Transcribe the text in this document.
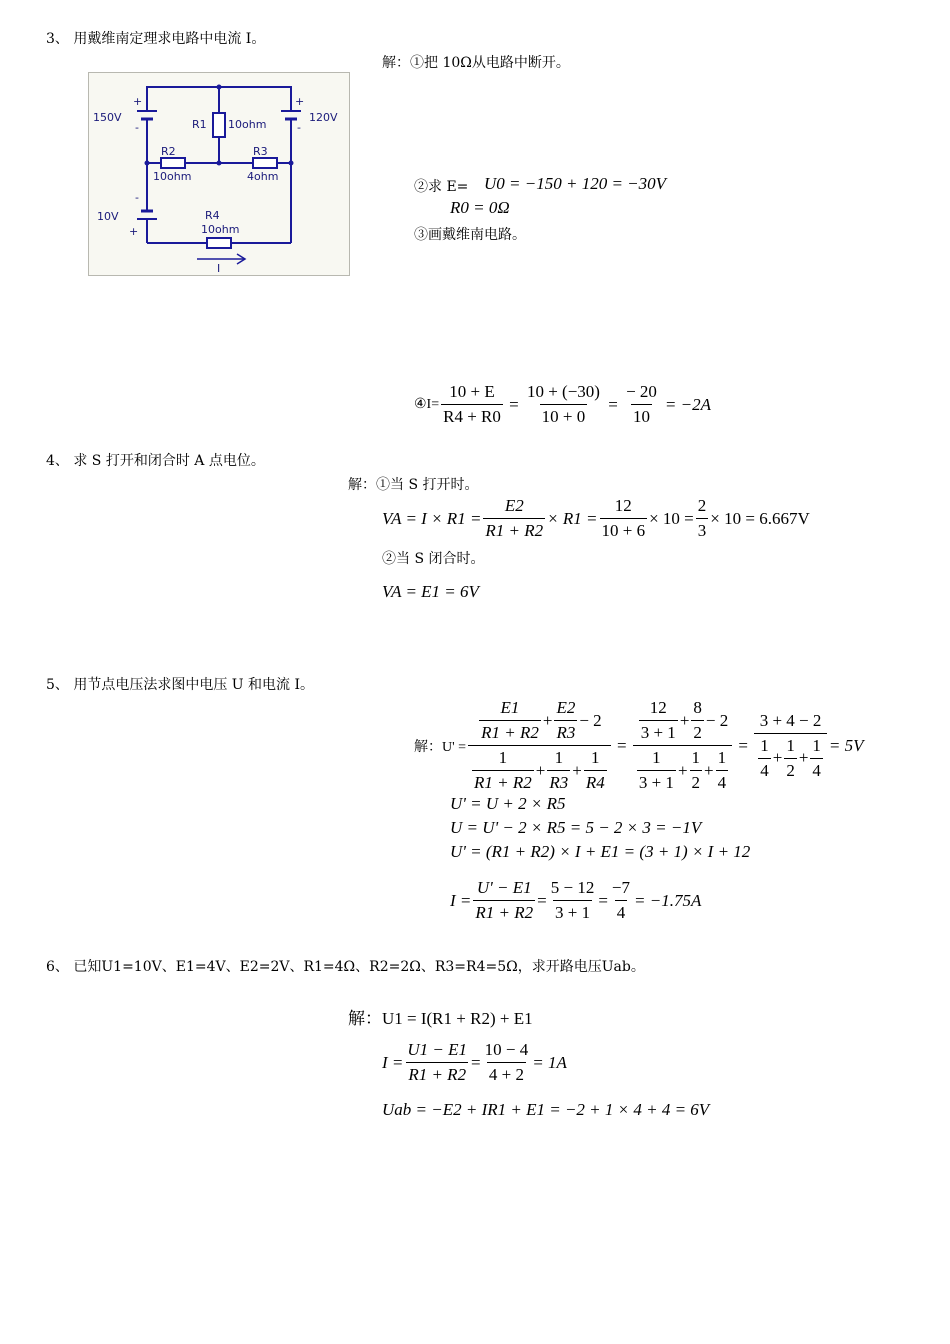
3、 用戴维南定理求电路中电流 I。
+
-
150V
+
-
120V
R1 10ohm
R2
10ohm
R3
4ohm
-
10V
+
R4
10ohm
I
解：①把 10Ω从电路中断开。
②求 E= U0 = −150 + 120 = −30V
R0 = 0Ω
③画戴维南电路。
④I= $\frac{10 + E}{R4 + R0} = \frac{10 + (-30)}{10 + 0} = \frac{- 20}{10} = -2A$
4、 求 S 打开和闭合时 A 点电位。
解：①当 S 打开时。
VA = $I \times R1 = \frac{E2}{R1 + R2} \times R1 = \frac{12}{10 + 6} \times 10 = \frac{2}{3} \times 10 = 6.667V$
②当 S 闭合时。
VA = E1 = 6V
5、 用节点电压法求图中电压 U 和电流 I。
解：$U' = \frac{\frac{E1}{R1 + R2} + \frac{E2}{R3} - 2}{\frac{1}{R1 + R2} + \frac{1}{R3} + \frac{1}{R4}} = \frac{\frac{12}{3 + 1} + \frac{8}{2} - 2}{\frac{1}{3 + 1} + \frac{1}{2} + \frac{1}{4}} = \frac{3 + 4 - 2}{\frac{1}{4} + \frac{1}{2} + \frac{1}{4}} = 5V$
U' = U + 2 × R5
U = U' − 2 × R5 = 5 − 2 × 3 = −1V
U' = (R1 + R2) × I + E1 = (3 + 1) × I + 12
$I = \frac{U' - E1}{R1 + R2} = \frac{5 - 12}{3 + 1} = \frac{-7}{4} = -1.75A$
6、 已知U1=10V、E1=4V、E2=2V、R1=4Ω、R2=2Ω、R3=R4=5Ω，求开路电压Uab。
解：U1 = I(R1 + R2) + E1
$I = \frac{U1 - E1}{R1 + R2} = \frac{10 - 4}{4 + 2} = 1A$
Uab = −E2 + IR1 + E1 = −2 + 1 × 4 + 4 = 6V
